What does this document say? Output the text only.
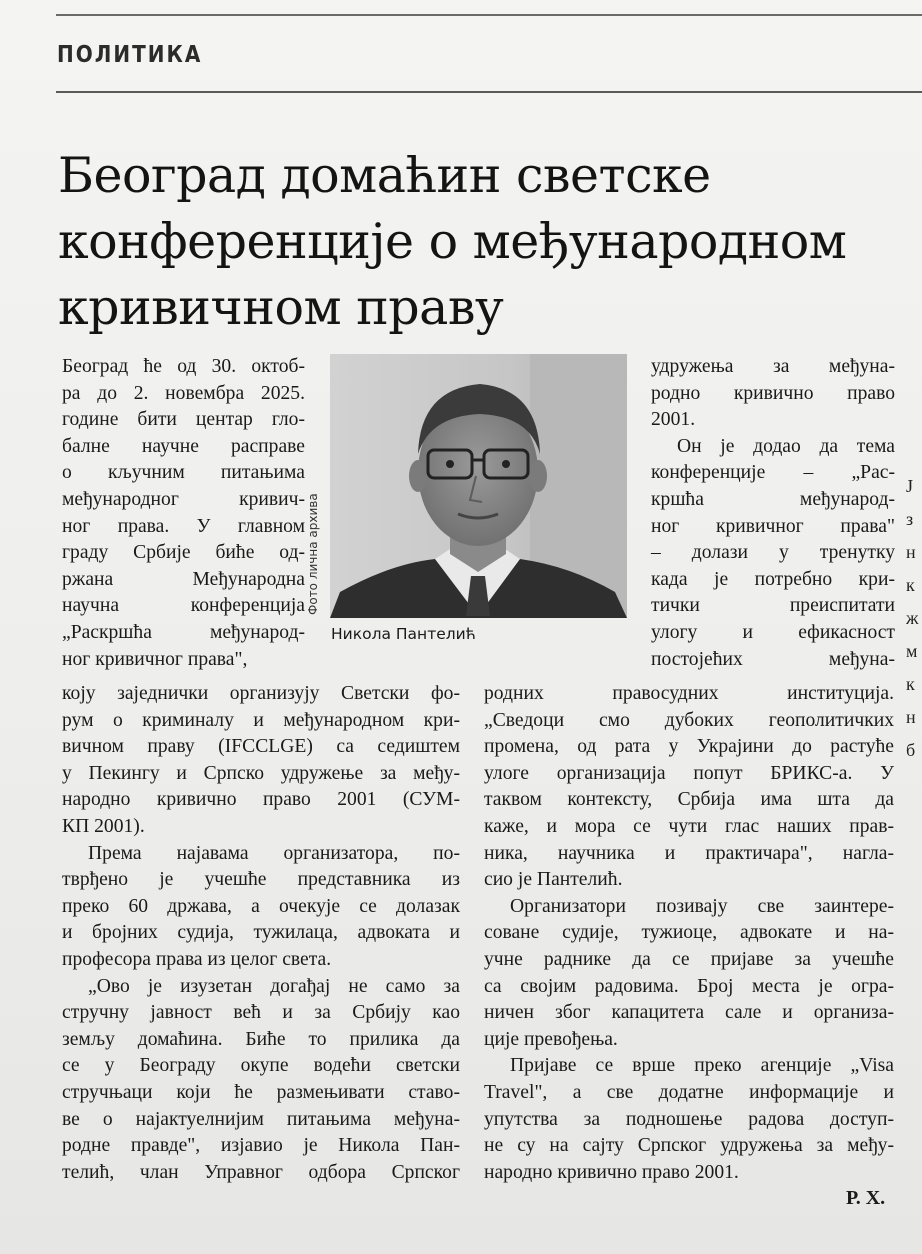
ПОЛИТИКА
Београд домаћин светске
конференције о међународном
кривичном праву
Београд ће од 30. октоб-
ра до 2. новембра 2025.
године бити центар гло-
балне научне расправе
о кључним питањима
међународног кривич-
ног права. У главном
граду Србије биће од-
ржана Међународна
научна конференција
„Раскршћа међународ-
ног кривичног права",
Фото лична архива
Никола Пантелић
коју заједнички организују Светски фо-
рум о криминалу и међународном кри-
вичном праву (IFCCLGE) са седиштем
у Пекингу и Српско удружење за међу-
народно кривично право 2001 (СУМ-
КП 2001).
Према најавама организатора, по-
тврђено је учешће представника из
преко 60 држава, а очекује се долазак
и бројних судија, тужилаца, адвоката и
професора права из целог света.
„Ово је изузетан догађај не само за
стручну јавност већ и за Србију као
земљу домаћина. Биће то прилика да
се у Београду окупе водећи светски
стручњаци који ће размењивати ставо-
ве о најактуелнијим питањима међуна-
родне правде", изјавио је Никола Пан-
телић, члан Управног одбора Српског
удружења за међуна-
родно кривично право
2001.
Он је додао да тема
конференције – „Рас-
кршћа међународ-
ног кривичног права"
– долази у тренутку
када је потребно кри-
тички преиспитати
улогу и ефикасност
постојећих међуна-
родних правосудних институција.
„Сведоци смо дубоких геополитичких
промена, од рата у Украјини до растуће
улоге организација попут БРИКС-а. У
таквом контексту, Србија има шта да
каже, и мора се чути глас наших прав-
ника, научника и практичара", нагла-
сио је Пантелић.
Организатори позивају све заинтере-
соване судије, тужиоце, адвокате и на-
учне раднике да се пријаве за учешће
са својим радовима. Број места је огра-
ничен због капацитета сале и организа-
ције превођења.
Пријаве се врше преко агенције „Visa
Travel", а све додатне информације и
упутства за подношење радова доступ-
не су на сајту Српског удружења за међу-
народно кривично право 2001.
Р. Х.
J
з
н
к
ж
м
к
н
б
